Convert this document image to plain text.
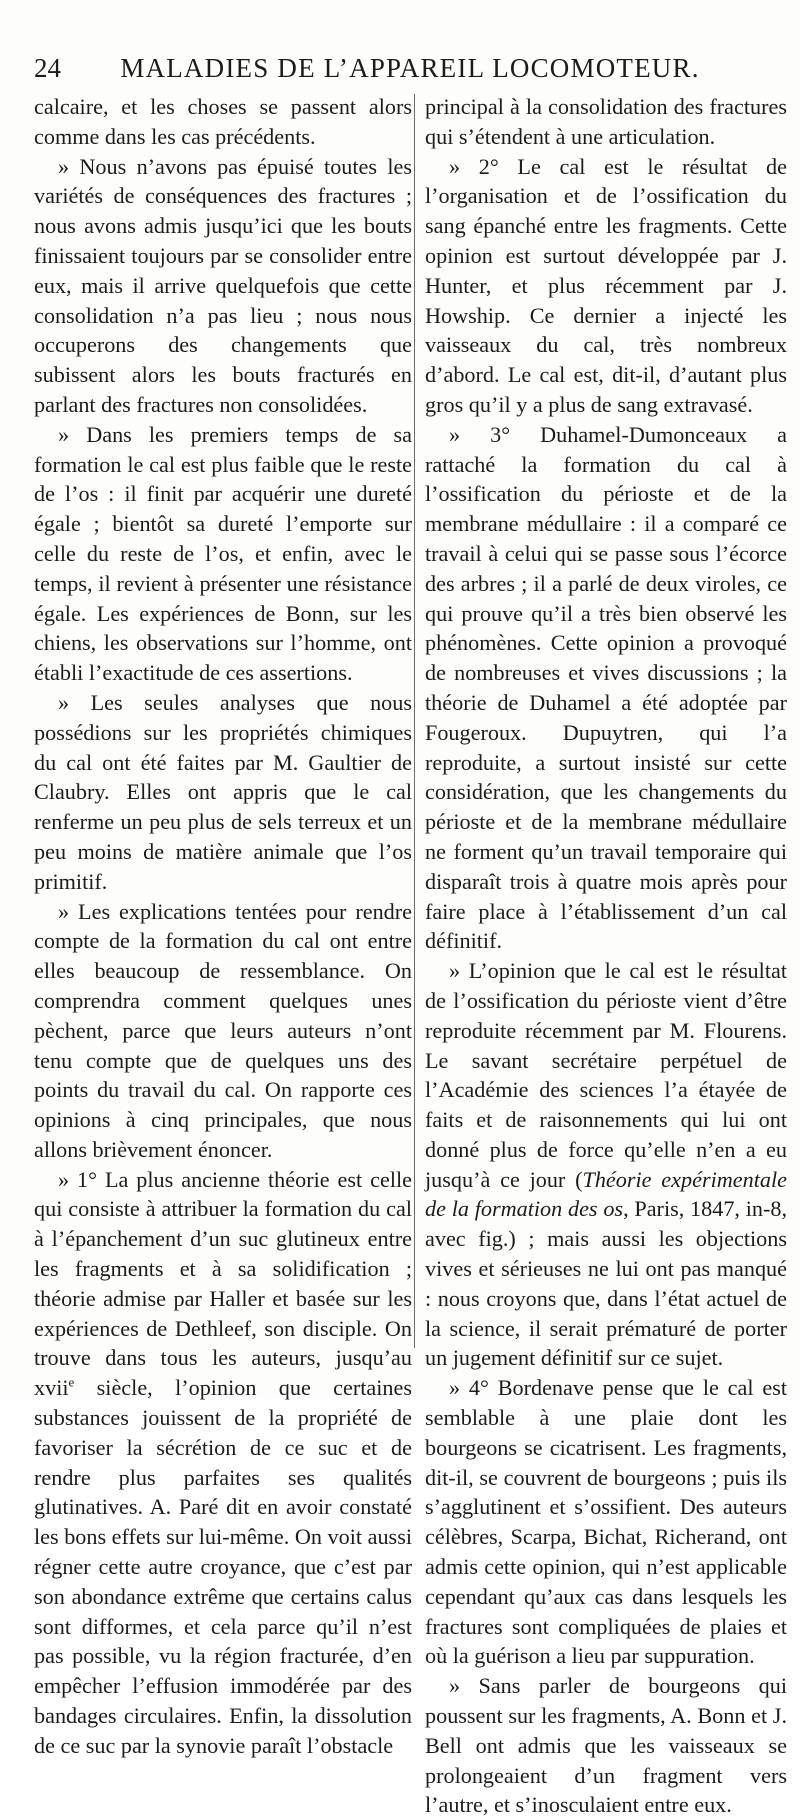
24	MALADIES DE L’APPAREIL LOCOMOTEUR.

calcaire, et les choses se passent alors comme dans les cas précédents.

» Nous n’avons pas épuisé toutes les variétés de conséquences des fractures ; nous avons admis jusqu’ici que les bouts finissaient toujours par se consolider entre eux, mais il arrive quelquefois que cette consolidation n’a pas lieu ; nous nous occuperons des changements que subissent alors les bouts fracturés en parlant des fractures non consolidées.

» Dans les premiers temps de sa formation le cal est plus faible que le reste de l’os : il finit par acquérir une dureté égale ; bientôt sa dureté l’emporte sur celle du reste de l’os, et enfin, avec le temps, il revient à présenter une résistance égale. Les expériences de Bonn, sur les chiens, les observations sur l’homme, ont établi l’exactitude de ces assertions.

» Les seules analyses que nous possédions sur les propriétés chimiques du cal ont été faites par M. Gaultier de Claubry. Elles ont appris que le cal renferme un peu plus de sels terreux et un peu moins de matière animale que l’os primitif.

» Les explications tentées pour rendre compte de la formation du cal ont entre elles beaucoup de ressemblance. On comprendra comment quelques unes pèchent, parce que leurs auteurs n’ont tenu compte que de quelques uns des points du travail du cal. On rapporte ces opinions à cinq principales, que nous allons brièvement énoncer.

» 1° La plus ancienne théorie est celle qui consiste à attribuer la formation du cal à l’épanchement d’un suc glutineux entre les fragments et à sa solidification ; théorie admise par Haller et basée sur les expériences de Dethleef, son disciple. On trouve dans tous les auteurs, jusqu’au xvii$^e$ siècle, l’opinion que certaines substances jouissent de la propriété de favoriser la sécrétion de ce suc et de rendre plus parfaites ses qualités glutinatives. A. Paré dit en avoir constaté les bons effets sur lui-même. On voit aussi régner cette autre croyance, que c’est par son abondance extrême que certains calus sont difformes, et cela parce qu’il n’est pas possible, vu la région fracturée, d’en empêcher l’effusion immodérée par des bandages circulaires. Enfin, la dissolution de ce suc par la synovie paraît l’obstacle

principal à la consolidation des fractures qui s’étendent à une articulation.

» 2° Le cal est le résultat de l’organisation et de l’ossification du sang épanché entre les fragments. Cette opinion est surtout développée par J. Hunter, et plus récemment par J. Howship. Ce dernier a injecté les vaisseaux du cal, très nombreux d’abord. Le cal est, dit-il, d’autant plus gros qu’il y a plus de sang extravasé.

» 3° Duhamel-Dumonceaux a rattaché la formation du cal à l’ossification du périoste et de la membrane médullaire : il a comparé ce travail à celui qui se passe sous l’écorce des arbres ; il a parlé de deux viroles, ce qui prouve qu’il a très bien observé les phénomènes. Cette opinion a provoqué de nombreuses et vives discussions ; la théorie de Duhamel a été adoptée par Fougeroux. Dupuytren, qui l’a reproduite, a surtout insisté sur cette considération, que les changements du périoste et de la membrane médullaire ne forment qu’un travail temporaire qui disparaît trois à quatre mois après pour faire place à l’établissement d’un cal définitif.

» L’opinion que le cal est le résultat de l’ossification du périoste vient d’être reproduite récemment par M. Flourens. Le savant secrétaire perpétuel de l’Académie des sciences l’a étayée de faits et de raisonnements qui lui ont donné plus de force qu’elle n’en a eu jusqu’à ce jour (Théorie expérimentale de la formation des os, Paris, 1847, in-8, avec fig.) ; mais aussi les objections vives et sérieuses ne lui ont pas manqué : nous croyons que, dans l’état actuel de la science, il serait prématuré de porter un jugement définitif sur ce sujet.

» 4° Bordenave pense que le cal est semblable à une plaie dont les bourgeons se cicatrisent. Les fragments, dit-il, se couvrent de bourgeons ; puis ils s’agglutinent et s’ossifient. Des auteurs célèbres, Scarpa, Bichat, Richerand, ont admis cette opinion, qui n’est applicable cependant qu’aux cas dans lesquels les fractures sont compliquées de plaies et où la guérison a lieu par suppuration.

» Sans parler de bourgeons qui poussent sur les fragments, A. Bonn et J. Bell ont admis que les vaisseaux se prolongeaient d’un fragment vers l’autre, et s’inosculaient entre eux.
